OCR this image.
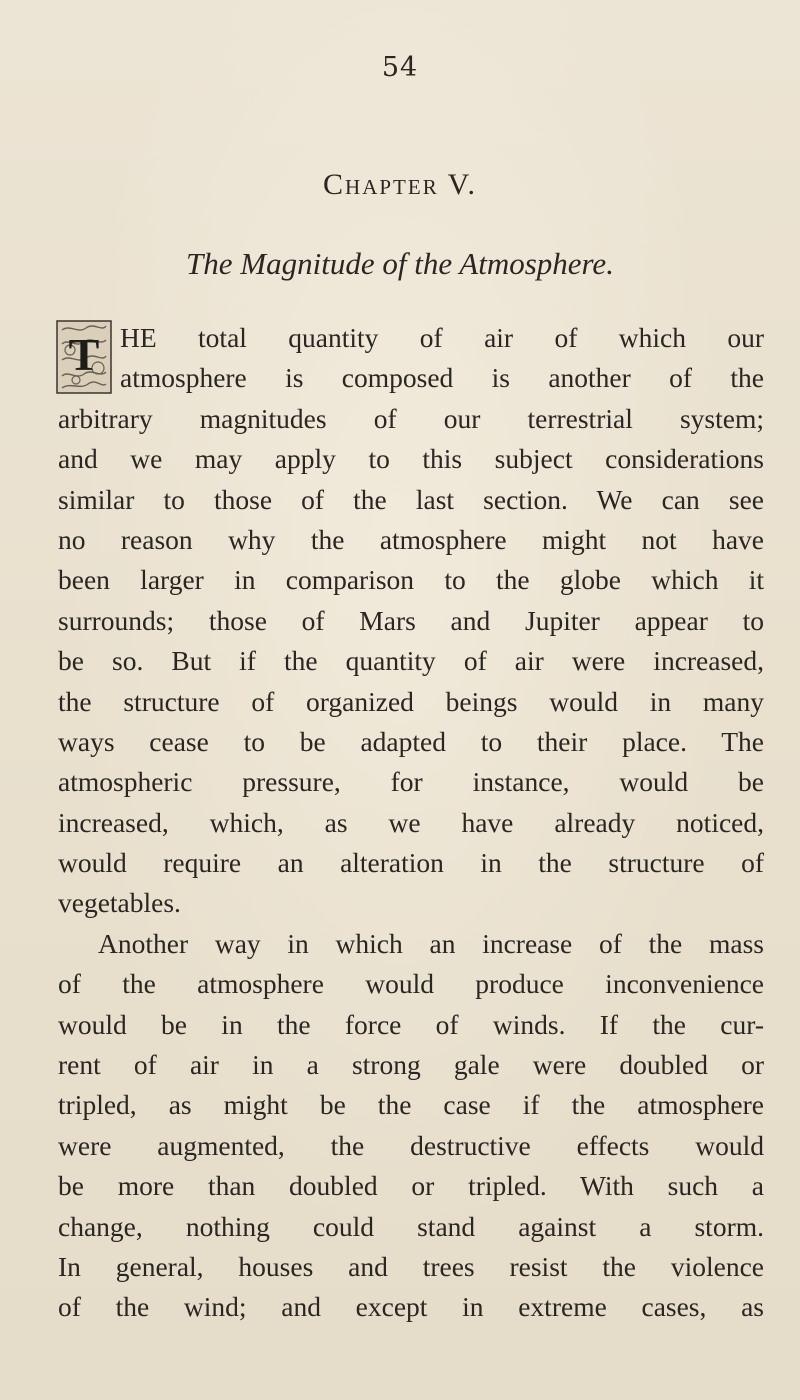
54
Chapter V.
The Magnitude of the Atmosphere.
T HE total quantity of air of which our
atmosphere is composed is another of the
arbitrary magnitudes of our terrestrial system;
and we may apply to this subject considerations
similar to those of the last section. We can see
no reason why the atmosphere might not have
been larger in comparison to the globe which it
surrounds; those of Mars and Jupiter appear to
be so. But if the quantity of air were increased,
the structure of organized beings would in many
ways cease to be adapted to their place. The
atmospheric pressure, for instance, would be
increased, which, as we have already noticed,
would require an alteration in the structure of
vegetables.
Another way in which an increase of the mass
of the atmosphere would produce inconvenience
would be in the force of winds. If the cur-
rent of air in a strong gale were doubled or
tripled, as might be the case if the atmosphere
were augmented, the destructive effects would
be more than doubled or tripled. With such a
change, nothing could stand against a storm.
In general, houses and trees resist the violence
of the wind; and except in extreme cases, as
